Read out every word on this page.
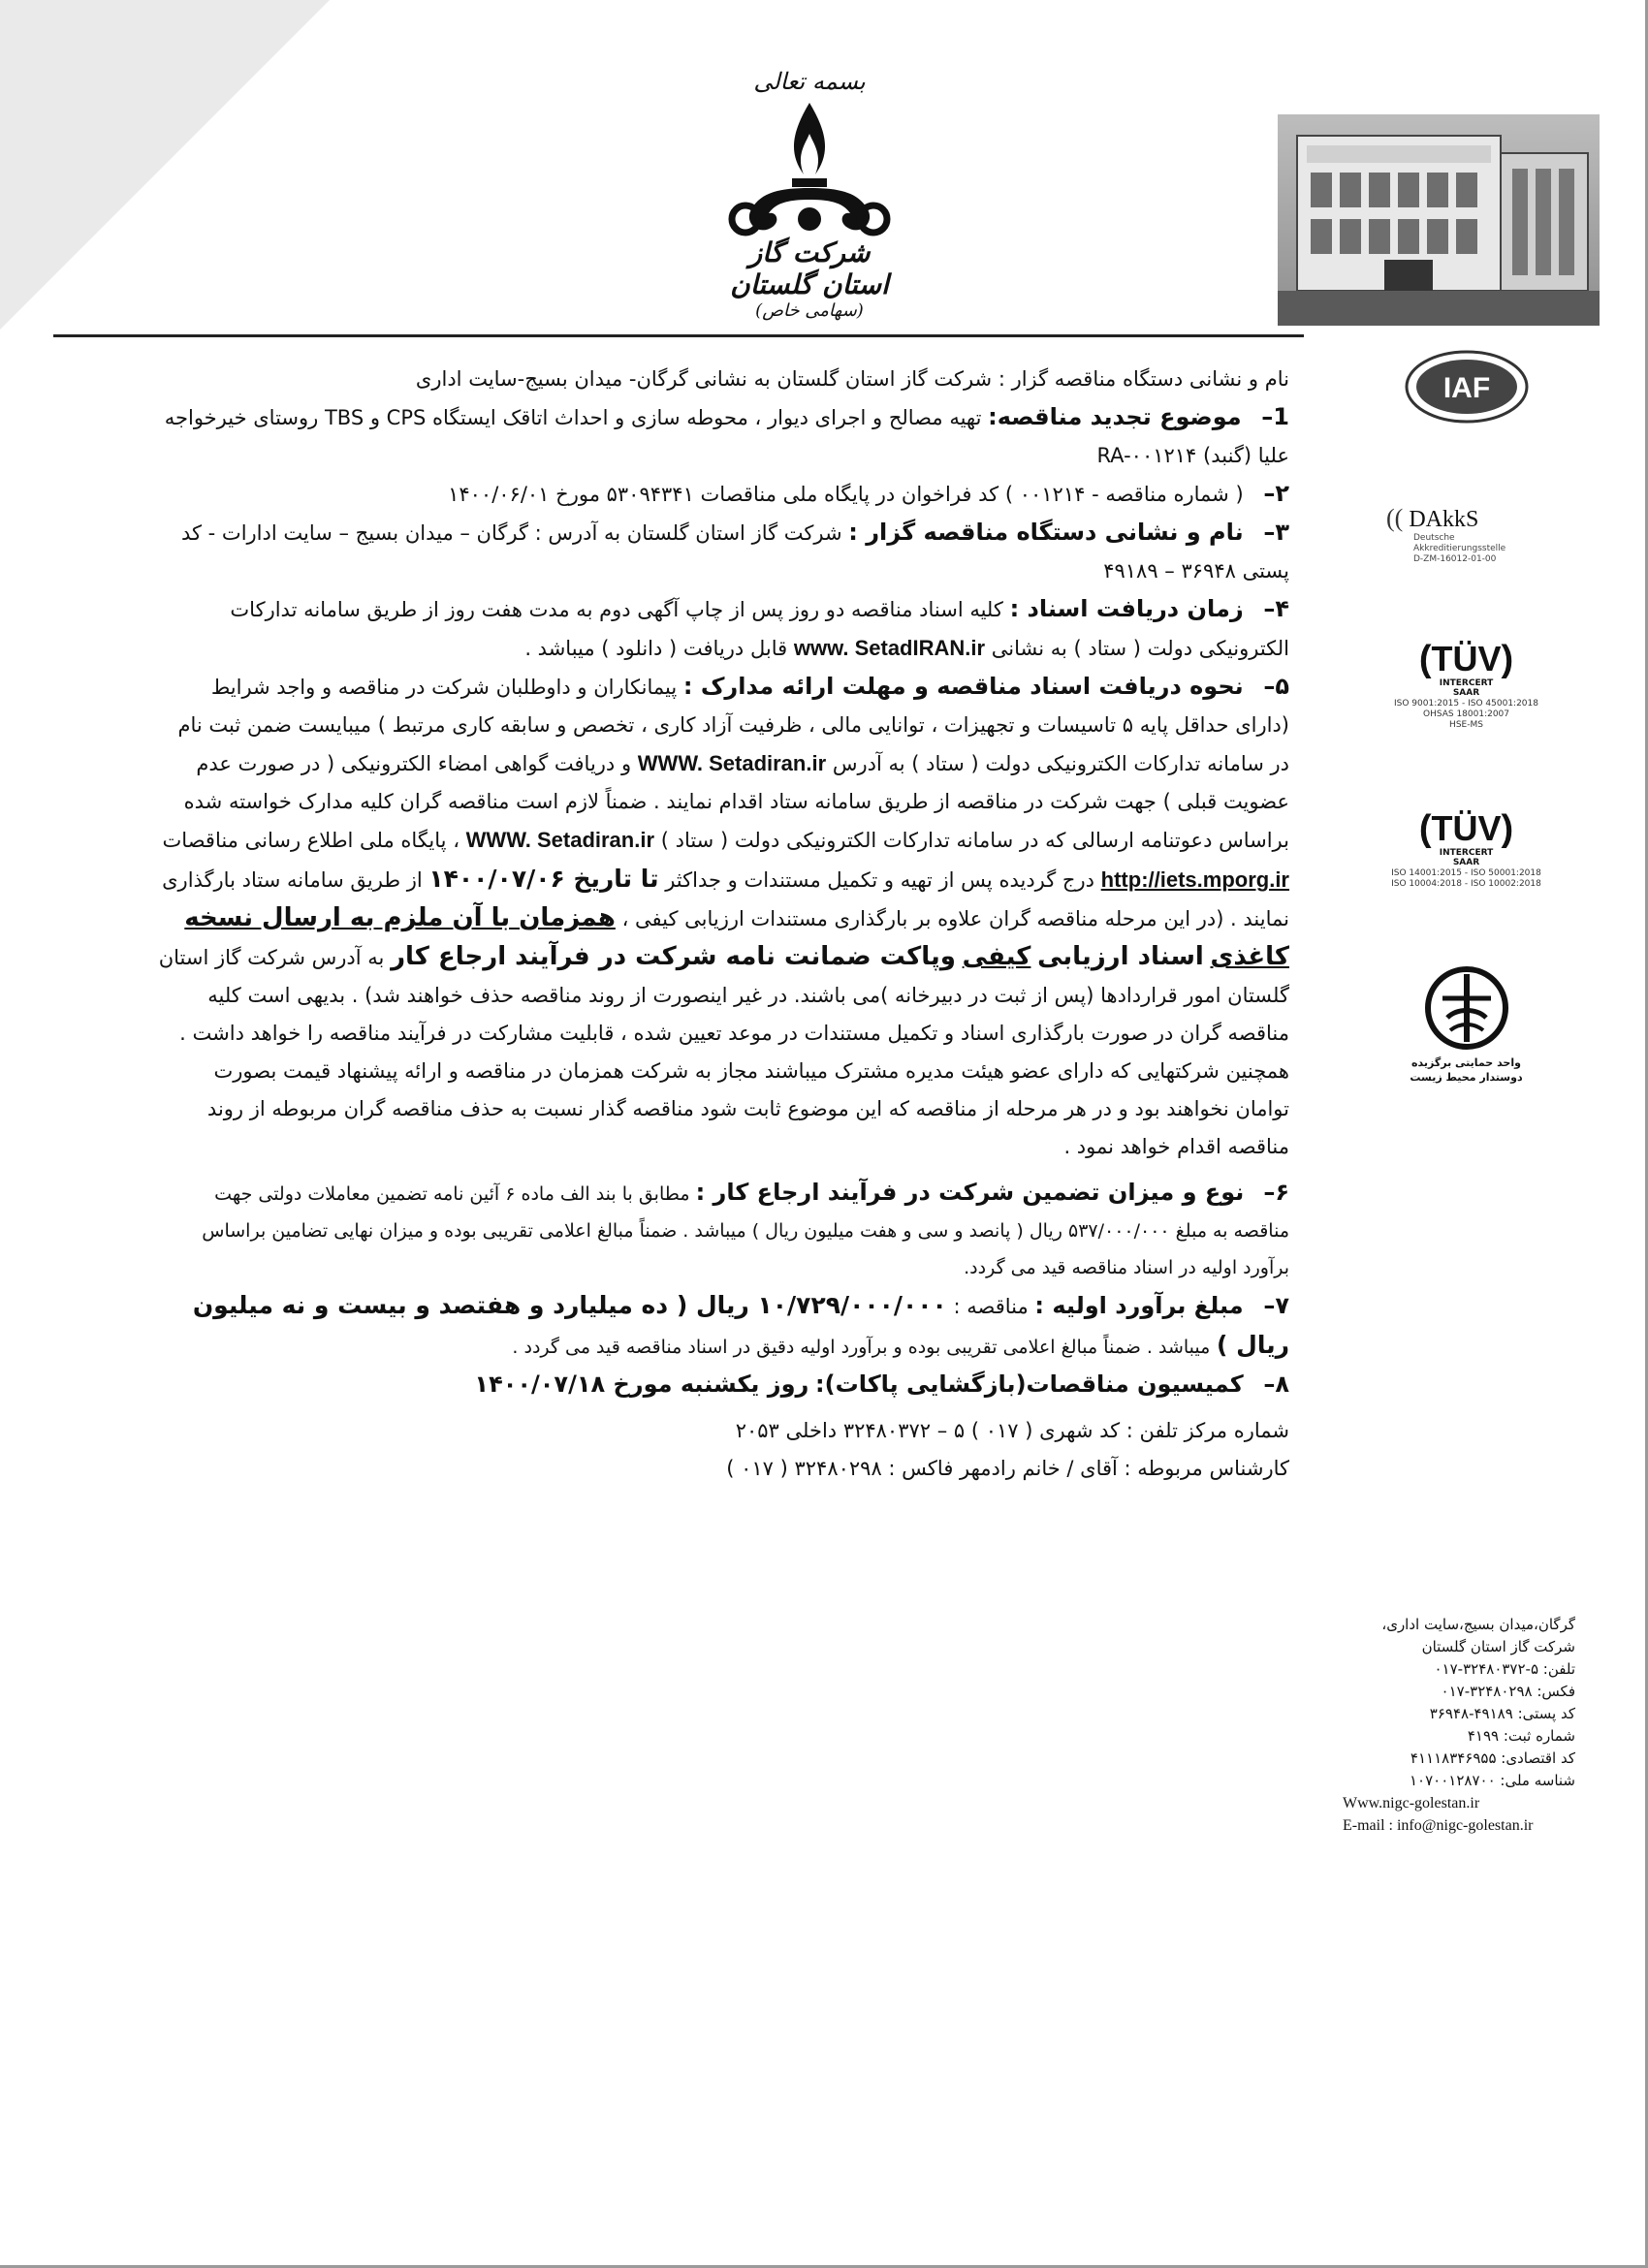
بسمه تعالی
شرکت گاز استان گلستان
(سهامی خاص)
IAF
(( DAkkS
Deutsche
Akkreditierungsstelle
D-ZM-16012-01-00
(TÜV)
INTERCERT
SAAR
ISO 9001:2015 - ISO 45001:2018
OHSAS 18001:2007
HSE-MS
(TÜV)
INTERCERT
SAAR
ISO 14001:2015 - ISO 50001:2018
ISO 10004:2018 - ISO 10002:2018
واحد حمایتی برگزیده
دوستدار محیط زیست

نام و نشانی دستگاه مناقصه گزار : شرکت گاز استان گلستان به نشانی گرگان- میدان بسیج-سایت اداری

1– موضوع تجدید مناقصه: تهیه مصالح و اجرای دیوار ، محوطه سازی و احداث اتاقک ایستگاه CPS و TBS روستای خیرخواجه علیا (گنبد) RA-۰۰۱۲۱۴

۲– ( شماره مناقصه - ۰۰۱۲۱۴ ) کد فراخوان در پایگاه ملی مناقصات ۵۳۰۹۴۳۴۱ مورخ ۱۴۰۰/۰۶/۰۱

۳– نام و نشانی دستگاه مناقصه گزار : شرکت گاز استان گلستان به آدرس : گرگان – میدان بسیج – سایت ادارات - کد پستی ۳۶۹۴۸ – ۴۹۱۸۹

۴– زمان دریافت اسناد : کلیه اسناد مناقصه دو روز پس از چاپ آگهی دوم به مدت هفت روز از طریق سامانه تدارکات الکترونیکی دولت ( ستاد ) به نشانی www. SetadIRAN.ir قابل دریافت ( دانلود ) میباشد .

۵– نحوه دریافت اسناد مناقصه و مهلت ارائه مدارک : پیمانکاران و داوطلبان شرکت در مناقصه و واجد شرایط (دارای حداقل پایه ۵ تاسیسات و تجهیزات ، توانایی مالی ، ظرفیت آزاد کاری ، تخصص و سابقه کاری مرتبط ) میبایست ضمن ثبت نام در سامانه تدارکات الکترونیکی دولت ( ستاد ) به آدرس WWW. Setadiran.ir و دریافت گواهی امضاء الکترونیکی ( در صورت عدم عضویت قبلی ) جهت شرکت در مناقصه از طریق سامانه ستاد اقدام نمایند . ضمناً لازم است مناقصه گران کلیه مدارک خواسته شده براساس دعوتنامه ارسالی که در سامانه تدارکات الکترونیکی دولت ( ستاد ) WWW. Setadiran.ir ، پایگاه ملی اطلاع رسانی مناقصات http://iets.mporg.ir درج گردیده پس از تهیه و تکمیل مستندات و جداکثر تا تاریخ ۱۴۰۰/۰۷/۰۶ از طریق سامانه ستاد بارگذاری نمایند . (در این مرحله مناقصه گران علاوه بر بارگذاری مستندات ارزیابی کیفی ، همزمان با آن ملزم به ارسال نسخه کاغذی اسناد ارزیابی کیفی وپاکت ضمانت نامه شرکت در فرآیند ارجاع کار به آدرس شرکت گاز استان گلستان امور قراردادها (پس از ثبت در دبیرخانه )می باشند. در غیر اینصورت از روند مناقصه حذف خواهند شد) . بدیهی است کلیه مناقصه گران در صورت بارگذاری اسناد و تکمیل مستندات در موعد تعیین شده ، قابلیت مشارکت در فرآیند مناقصه را خواهد داشت . همچنین شرکتهایی که دارای عضو هیئت مدیره مشترک میباشند مجاز به شرکت همزمان در مناقصه و ارائه پیشنهاد قیمت بصورت توامان نخواهند بود و در هر مرحله از مناقصه که این موضوع ثابت شود مناقصه گذار نسبت به حذف مناقصه گران مربوطه از روند مناقصه اقدام خواهد نمود .

۶– نوع و میزان تضمین شرکت در فرآیند ارجاع کار : مطابق با بند الف ماده ۶ آئین نامه تضمین معاملات دولتی جهت مناقصه به مبلغ ۵۳۷/۰۰۰/۰۰۰ ریال ( پانصد و سی و هفت میلیون ریال ) میباشد . ضمناً مبالغ اعلامی تقریبی بوده و میزان نهایی تضامین براساس برآورد اولیه در اسناد مناقصه قید می گردد.

۷– مبلغ برآورد اولیه : مناقصه : ۱۰/۷۲۹/۰۰۰/۰۰۰ ریال ( ده میلیارد و هفتصد و بیست و نه میلیون ریال ) میباشد . ضمناً مبالغ اعلامی تقریبی بوده و برآورد اولیه دقیق در اسناد مناقصه قید می گردد .

۸– کمیسیون مناقصات(بازگشایی پاکات): روز یکشنبه مورخ ۱۴۰۰/۰۷/۱۸

شماره مرکز تلفن : کد شهری ( ۰۱۷ ) ۵ – ۳۲۴۸۰۳۷۲ داخلی ۲۰۵۳

کارشناس مربوطه : آقای / خانم رادمهر فاکس : ۳۲۴۸۰۲۹۸ ( ۰۱۷ )

گرگان،میدان بسیج،سایت اداری،
شرکت گاز استان گلستان
تلفن: ۵-۳۲۴۸۰۳۷۲-۰۱۷
فکس: ۳۲۴۸۰۲۹۸-۰۱۷
کد پستی: ۴۹۱۸۹-۳۶۹۴۸
شماره ثبت: ۴۱۹۹
کد اقتصادی: ۴۱۱۱۸۳۴۶۹۵۵
شناسه ملی: ۱۰۷۰۰۱۲۸۷۰۰
Www.nigc-golestan.ir
E-mail : info@nigc-golestan.ir
